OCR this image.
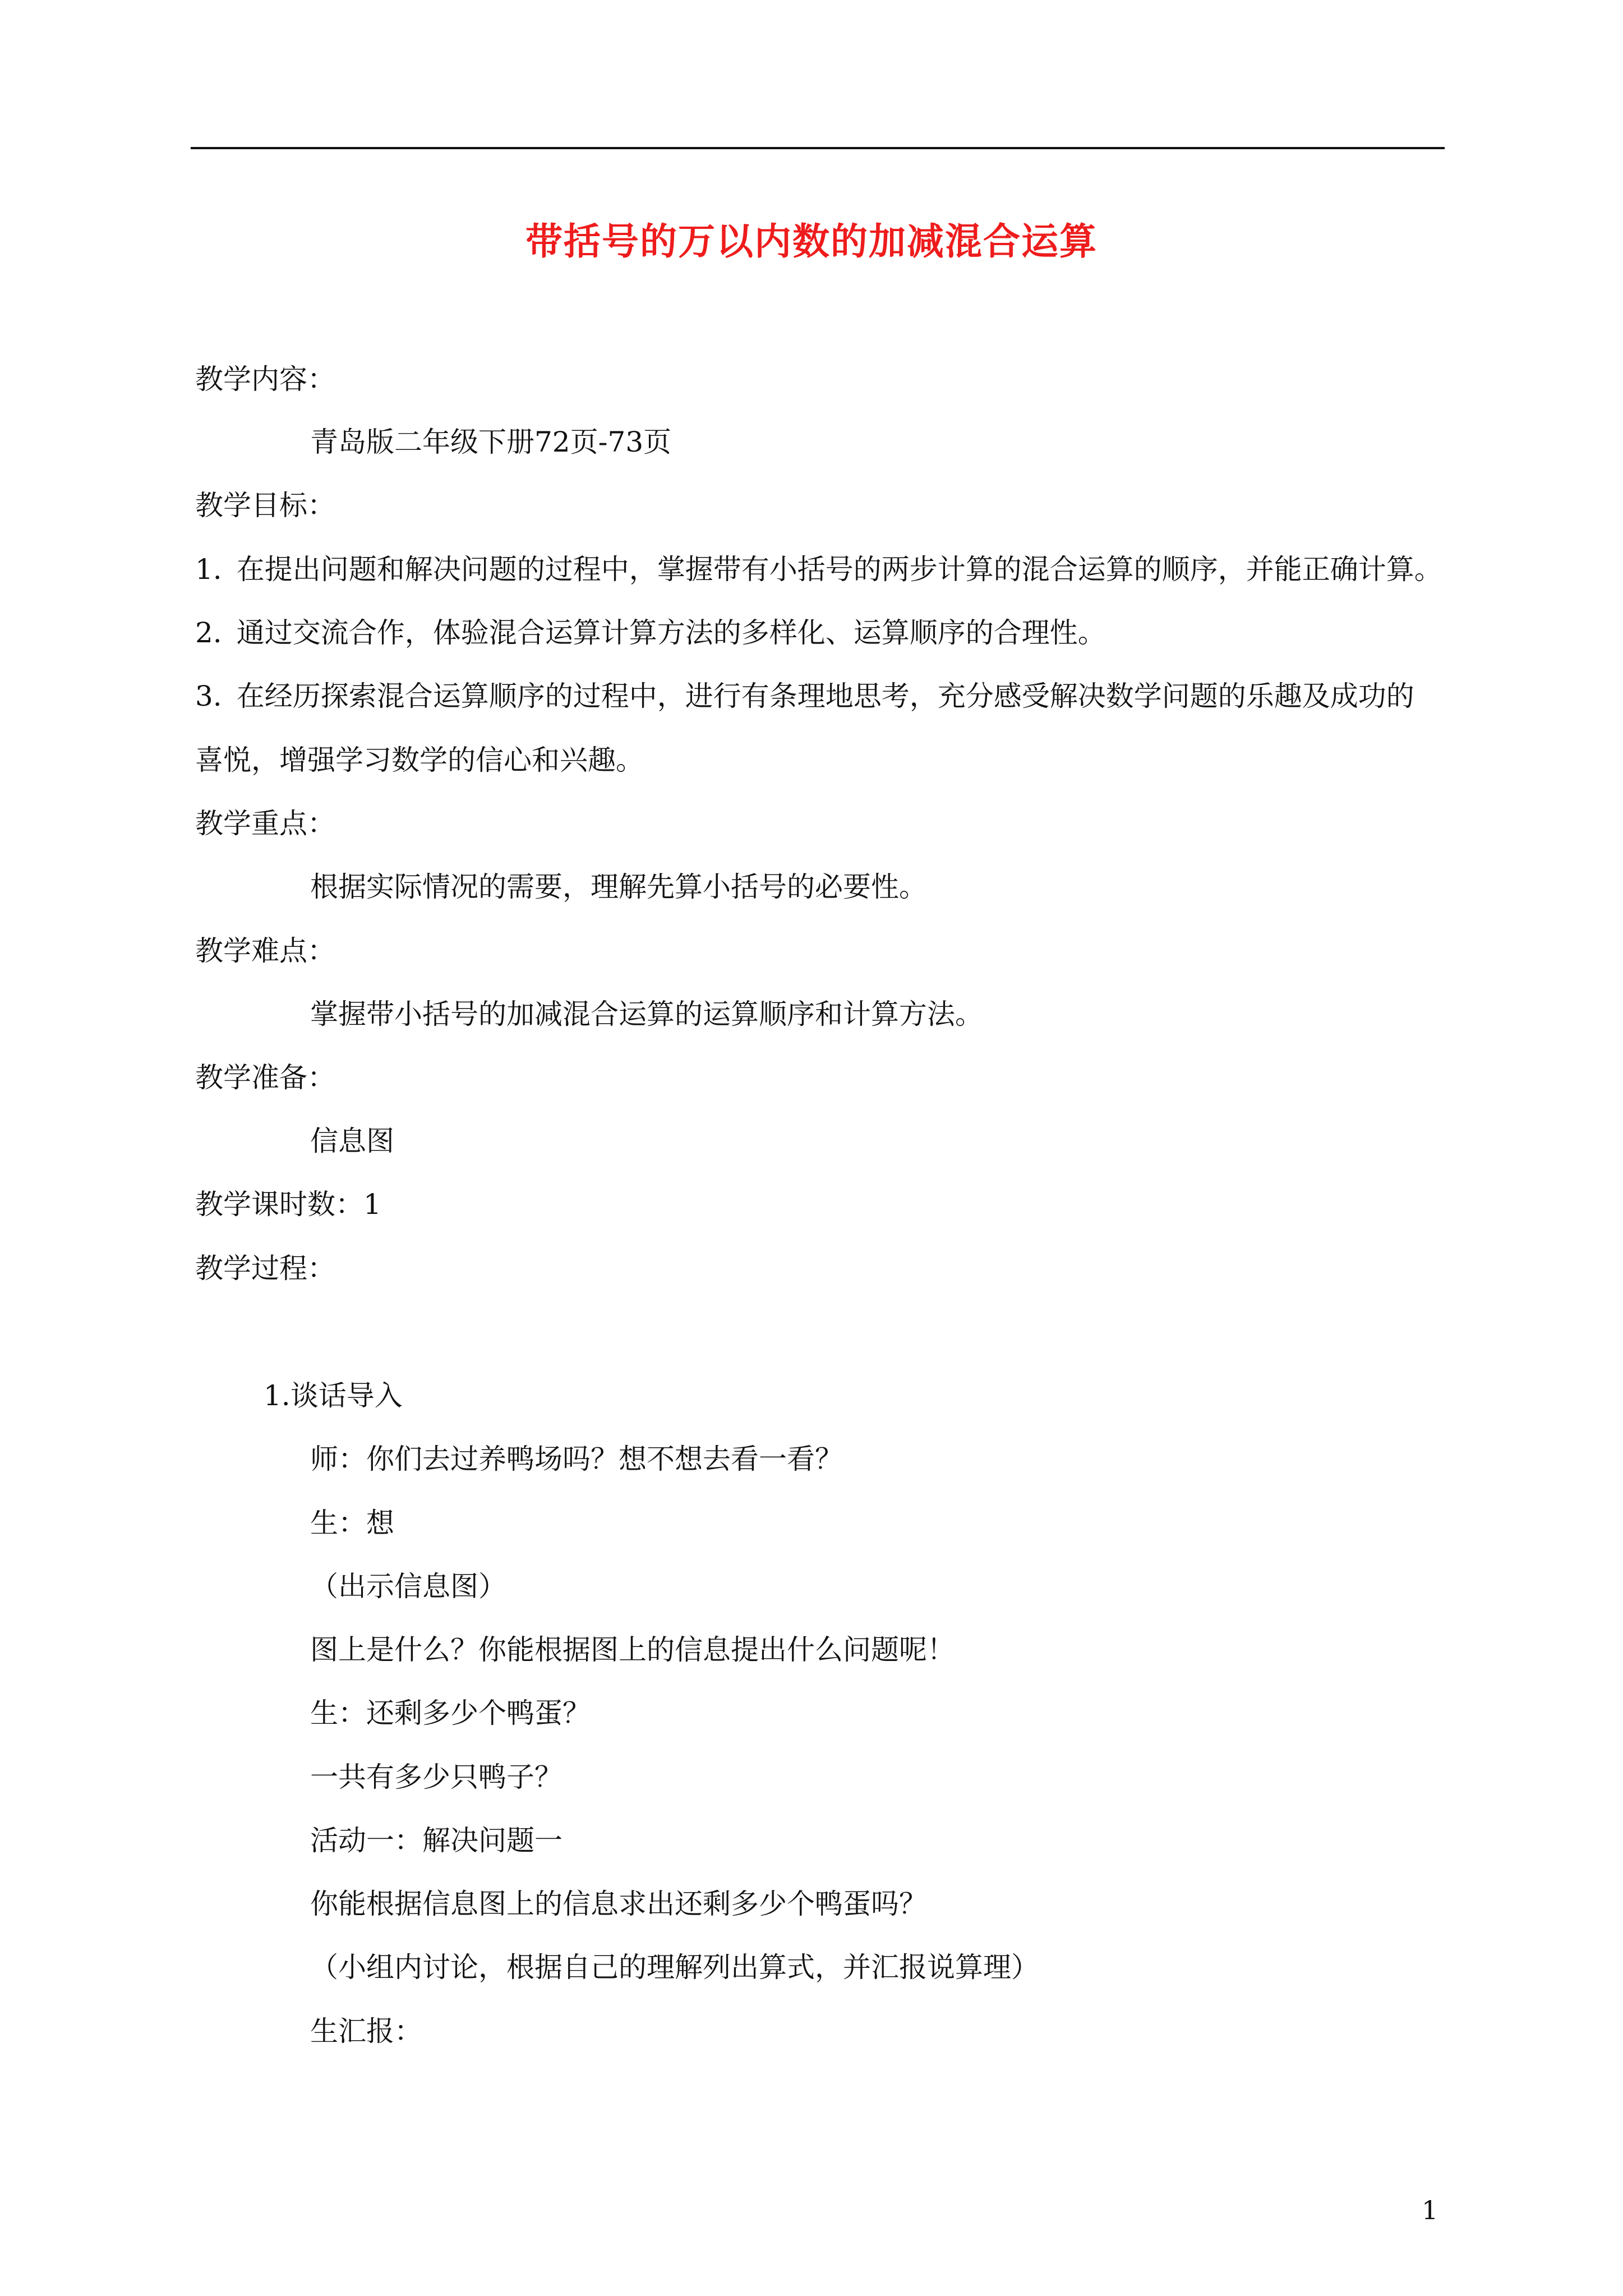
带括号的万以内数的加减混合运算
教学内容：
青岛版二年级下册72页-73页
教学目标：
1. 在提出问题和解决问题的过程中，掌握带有小括号的两步计算的混合运算的顺序，并能正确计算。
2. 通过交流合作，体验混合运算计算方法的多样化、运算顺序的合理性。
3. 在经历探索混合运算顺序的过程中，进行有条理地思考，充分感受解决数学问题的乐趣及成功的
喜悦，增强学习数学的信心和兴趣。
教学重点：
根据实际情况的需要，理解先算小括号的必要性。
教学难点：
掌握带小括号的加减混合运算的运算顺序和计算方法。
教学准备：
信息图
教学课时数：1
教学过程：
1.谈话导入
师：你们去过养鸭场吗？想不想去看一看？
生：想
（出示信息图）
图上是什么？你能根据图上的信息提出什么问题呢！
生：还剩多少个鸭蛋？
一共有多少只鸭子？
活动一：解决问题一
你能根据信息图上的信息求出还剩多少个鸭蛋吗？
（小组内讨论，根据自己的理解列出算式，并汇报说算理）
生汇报：
1
